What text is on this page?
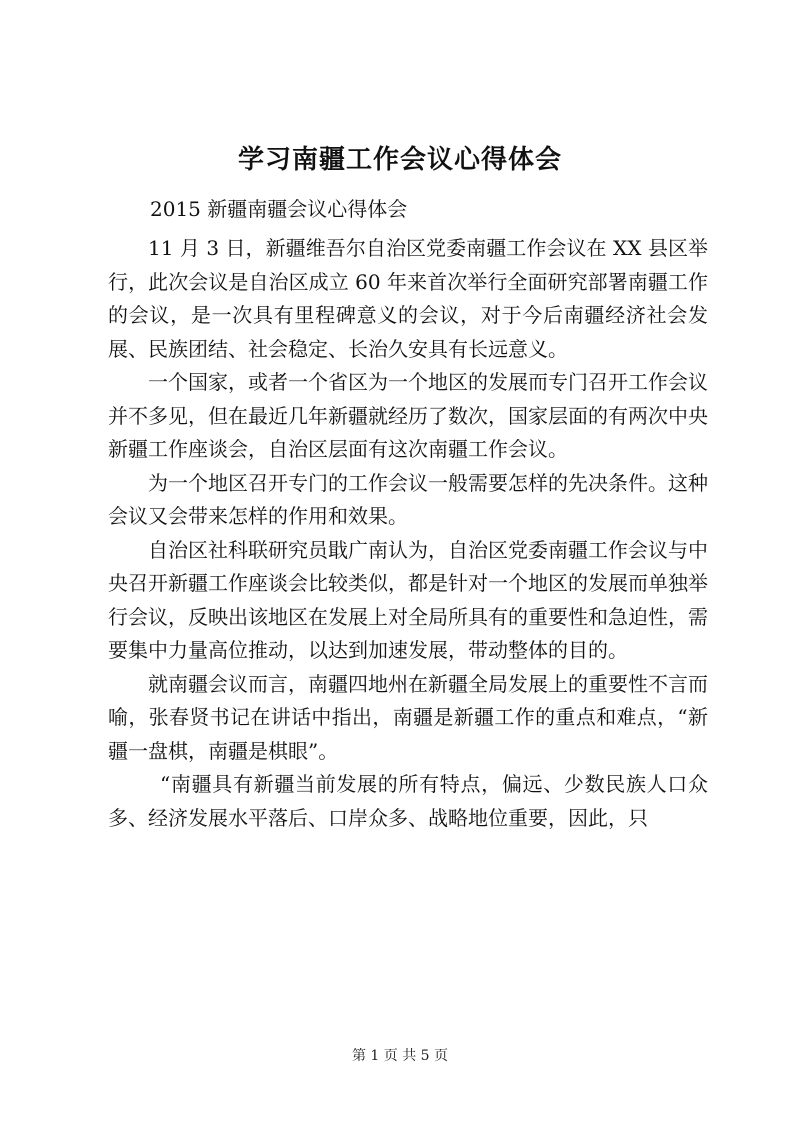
学习南疆工作会议心得体会
2015 新疆南疆会议心得体会

11 月 3 日，新疆维吾尔自治区党委南疆工作会议在 XX 县区举行，此次会议是自治区成立 60 年来首次举行全面研究部署南疆工作的会议，是一次具有里程碑意义的会议，对于今后南疆经济社会发展、民族团结、社会稳定、长治久安具有长远意义。

一个国家，或者一个省区为一个地区的发展而专门召开工作会议并不多见，但在最近几年新疆就经历了数次，国家层面的有两次中央新疆工作座谈会，自治区层面有这次南疆工作会议。

为一个地区召开专门的工作会议一般需要怎样的先决条件。这种会议又会带来怎样的作用和效果。

自治区社科联研究员戢广南认为，自治区党委南疆工作会议与中央召开新疆工作座谈会比较类似，都是针对一个地区的发展而单独举行会议，反映出该地区在发展上对全局所具有的重要性和急迫性，需要集中力量高位推动，以达到加速发展，带动整体的目的。

就南疆会议而言，南疆四地州在新疆全局发展上的重要性不言而喻，张春贤书记在讲话中指出，南疆是新疆工作的重点和难点，“新疆一盘棋，南疆是棋眼”。

“南疆具有新疆当前发展的所有特点，偏远、少数民族人口众多、经济发展水平落后、口岸众多、战略地位重要，因此，只

第 1 页 共 5 页
